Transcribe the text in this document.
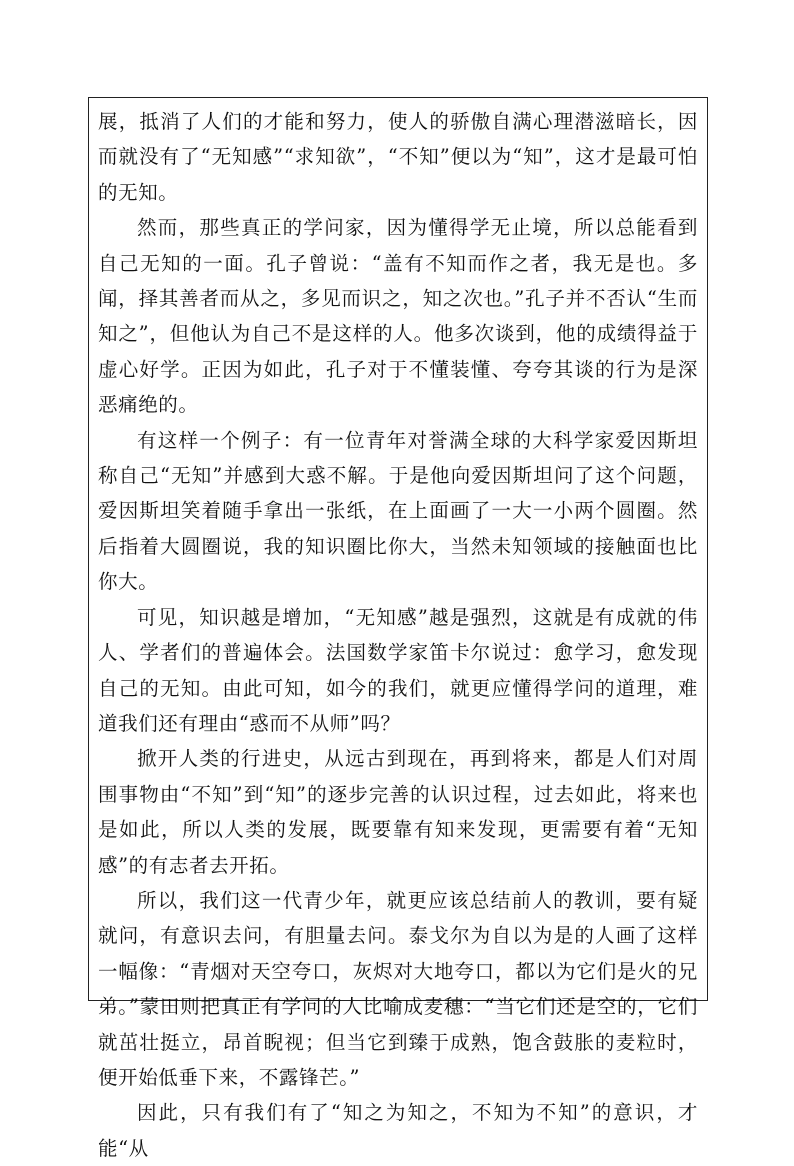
展，抵消了人们的才能和努力，使人的骄傲自满心理潜滋暗长，因而就没有了“无知感”“求知欲”，“不知”便以为“知”，这才是最可怕的无知。

然而，那些真正的学问家，因为懂得学无止境，所以总能看到自己无知的一面。孔子曾说：“盖有不知而作之者，我无是也。多闻，择其善者而从之，多见而识之，知之次也。”孔子并不否认“生而知之”，但他认为自己不是这样的人。他多次谈到，他的成绩得益于虚心好学。正因为如此，孔子对于不懂装懂、夸夸其谈的行为是深恶痛绝的。

有这样一个例子：有一位青年对誉满全球的大科学家爱因斯坦称自己“无知”并感到大惑不解。于是他向爱因斯坦问了这个问题，爱因斯坦笑着随手拿出一张纸，在上面画了一大一小两个圆圈。然后指着大圆圈说，我的知识圈比你大，当然未知领域的接触面也比你大。

可见，知识越是增加，“无知感”越是强烈，这就是有成就的伟人、学者们的普遍体会。法国数学家笛卡尔说过：愈学习，愈发现自己的无知。由此可知，如今的我们，就更应懂得学问的道理，难道我们还有理由“惑而不从师”吗？

掀开人类的行进史，从远古到现在，再到将来，都是人们对周围事物由“不知”到“知”的逐步完善的认识过程，过去如此，将来也是如此，所以人类的发展，既要靠有知来发现，更需要有着“无知感”的有志者去开拓。

所以，我们这一代青少年，就更应该总结前人的教训，要有疑就问，有意识去问，有胆量去问。泰戈尔为自以为是的人画了这样一幅像：“青烟对天空夸口，灰烬对大地夸口，都以为它们是火的兄弟。”蒙田则把真正有学问的人比喻成麦穗：“当它们还是空的，它们就茁壮挺立，昂首睨视；但当它到臻于成熟，饱含鼓胀的麦粒时，便开始低垂下来，不露锋芒。”

因此，只有我们有了“知之为知之，不知为不知”的意识，才能“从
